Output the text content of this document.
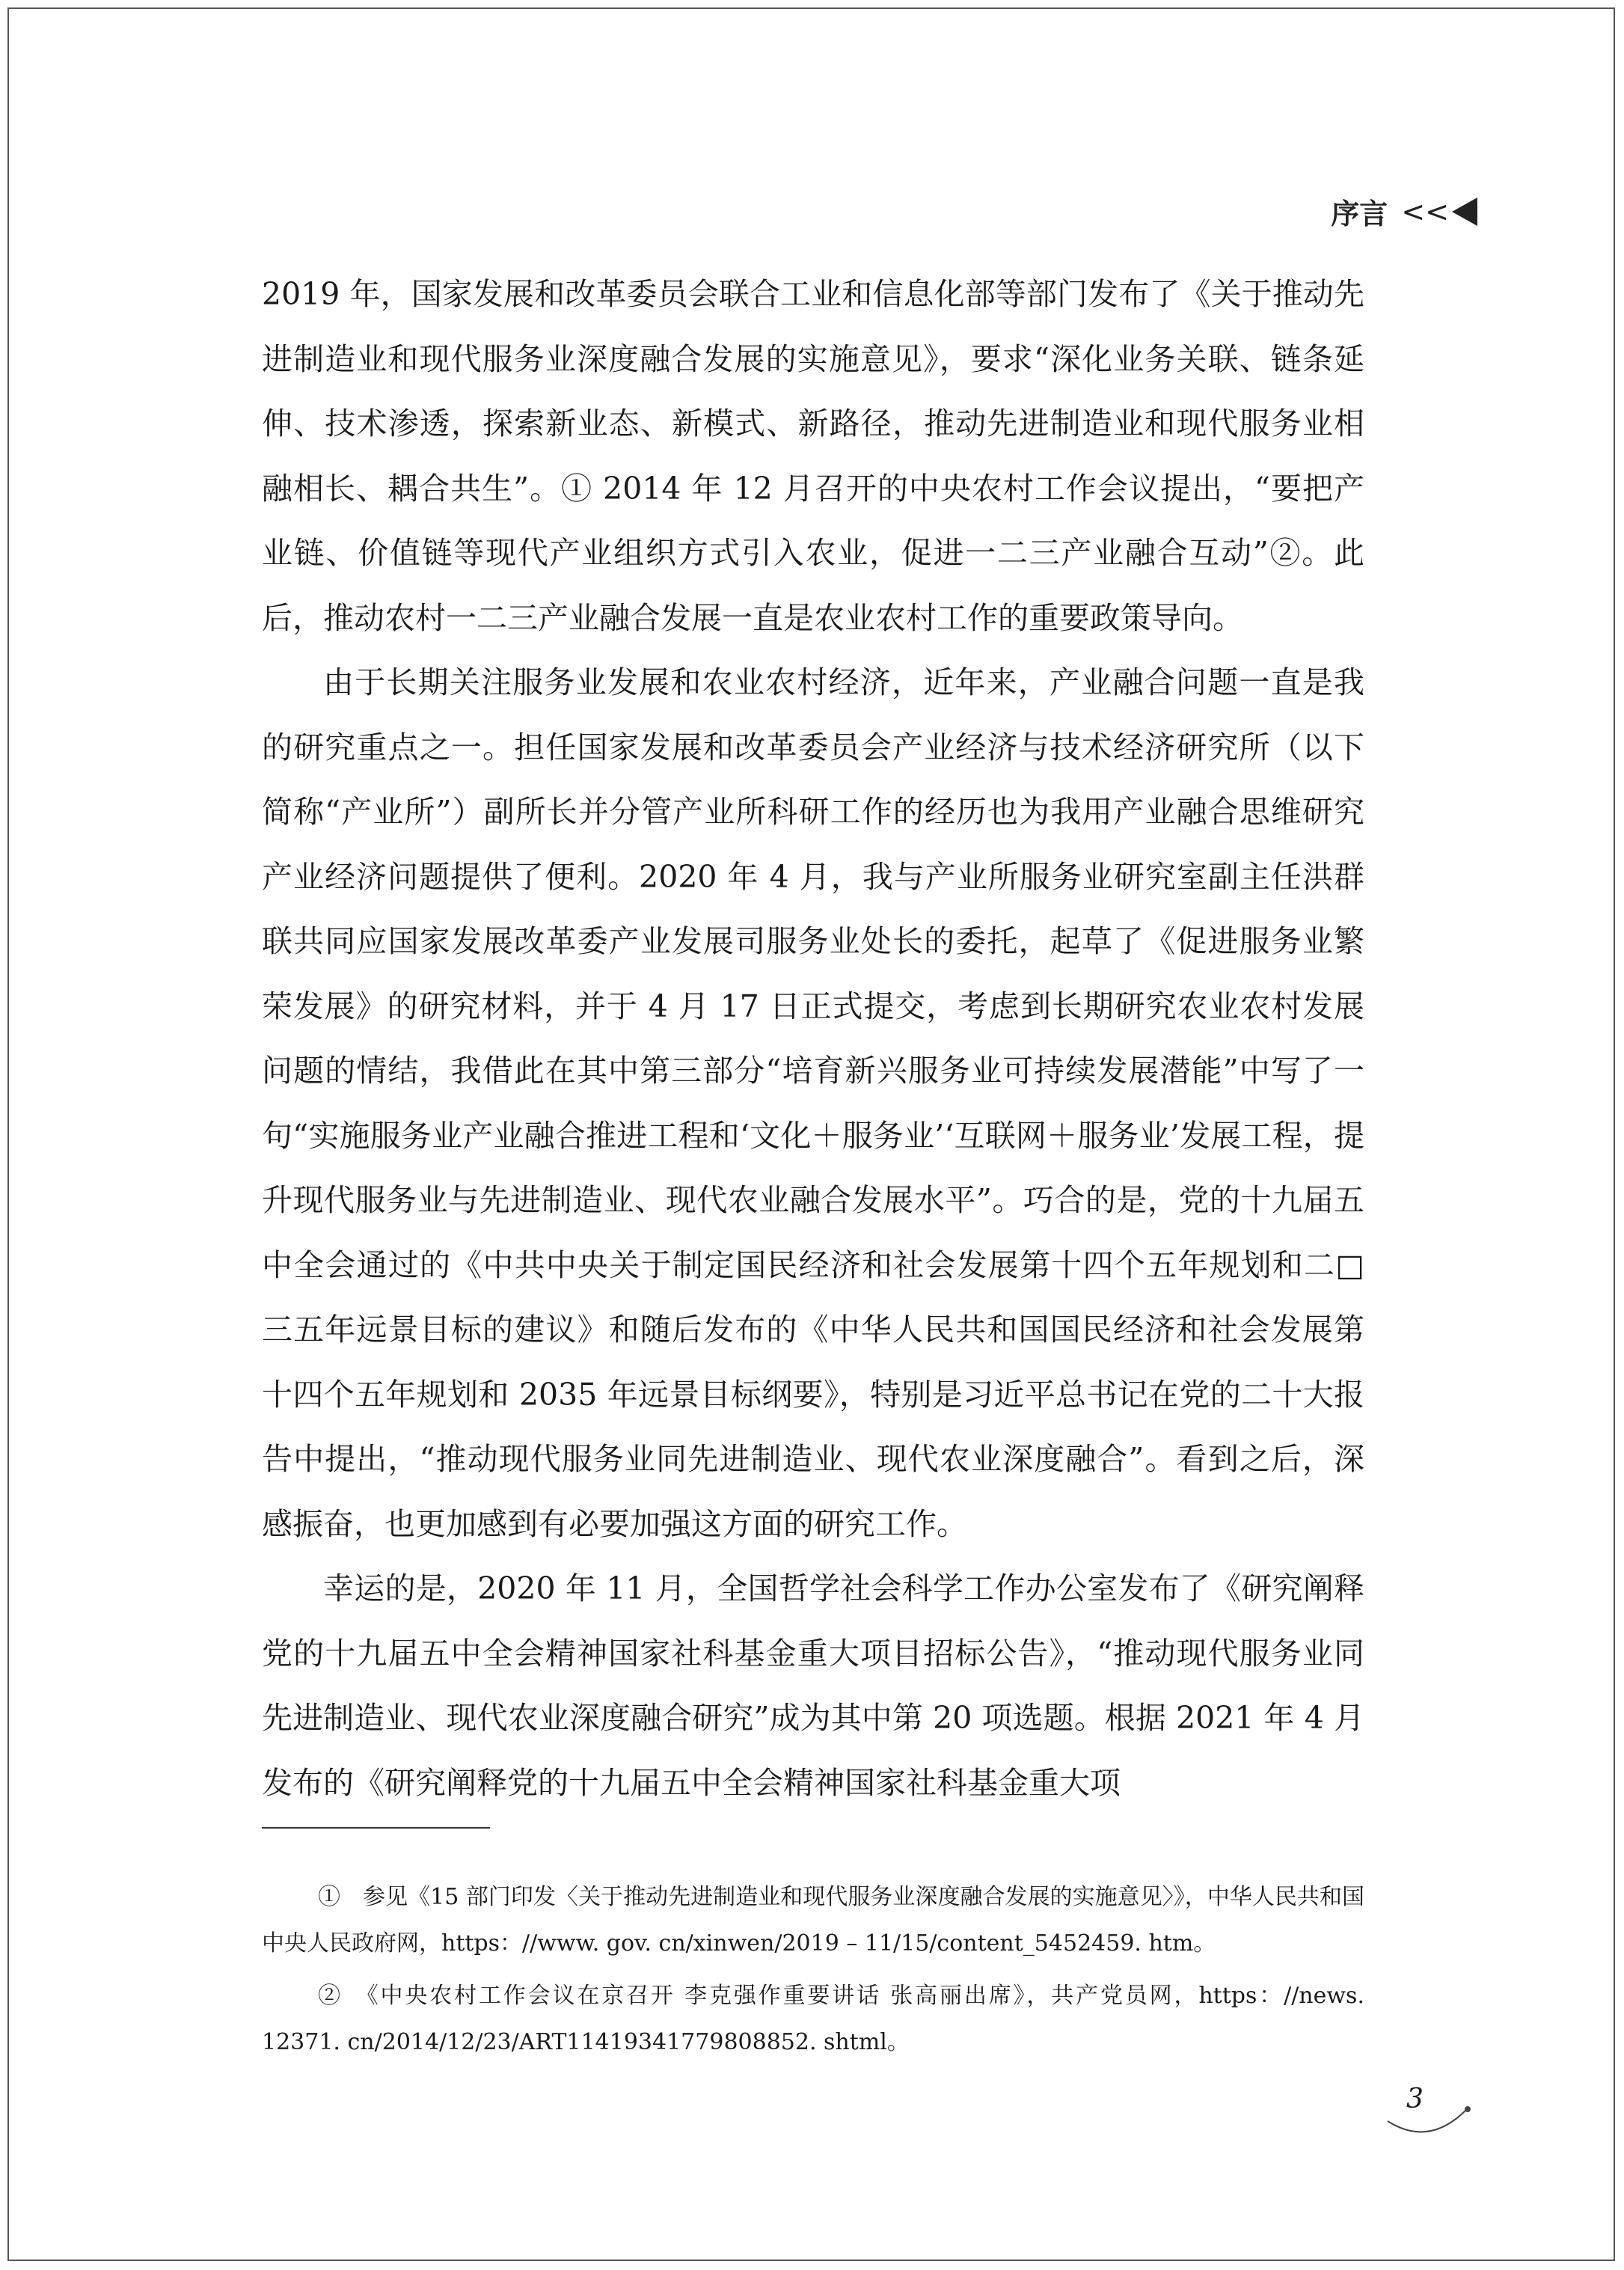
序言 <<

2019 年，国家发展和改革委员会联合工业和信息化部等部门发布了《关于推动先进制造业和现代服务业深度融合发展的实施意见》，要求“深化业务关联、链条延伸、技术渗透，探索新业态、新模式、新路径，推动先进制造业和现代服务业相融相长、耦合共生”。① 2014 年 12 月召开的中央农村工作会议提出，“要把产业链、价值链等现代产业组织方式引入农业，促进一二三产业融合互动”②。此后，推动农村一二三产业融合发展一直是农业农村工作的重要政策导向。

由于长期关注服务业发展和农业农村经济，近年来，产业融合问题一直是我的研究重点之一。担任国家发展和改革委员会产业经济与技术经济研究所（以下简称“产业所”）副所长并分管产业所科研工作的经历也为我用产业融合思维研究产业经济问题提供了便利。2020 年 4 月，我与产业所服务业研究室副主任洪群联共同应国家发展改革委产业发展司服务业处长的委托，起草了《促进服务业繁荣发展》的研究材料，并于 4 月 17 日正式提交，考虑到长期研究农业农村发展问题的情结，我借此在其中第三部分“培育新兴服务业可持续发展潜能”中写了一句“实施服务业产业融合推进工程和‘文化＋服务业’‘互联网＋服务业’发展工程，提升现代服务业与先进制造业、现代农业融合发展水平”。巧合的是，党的十九届五中全会通过的《中共中央关于制定国民经济和社会发展第十四个五年规划和二□ 三五年远景目标的建议》和随后发布的《中华人民共和国国民经济和社会发展第十四个五年规划和 2035 年远景目标纲要》，特别是习近平总书记在党的二十大报告中提出，“推动现代服务业同先进制造业、现代农业深度融合”。看到之后，深感振奋，也更加感到有必要加强这方面的研究工作。

幸运的是，2020 年 11 月，全国哲学社会科学工作办公室发布了《研究阐释党的十九届五中全会精神国家社科基金重大项目招标公告》，“推动现代服务业同先进制造业、现代农业深度融合研究”成为其中第 20 项选题。根据 2021 年 4 月发布的《研究阐释党的十九届五中全会精神国家社科基金重大项

①　参见《15 部门印发〈关于推动先进制造业和现代服务业深度融合发展的实施意见〉》，中华人民共和国中央人民政府网，https：//www. gov. cn/xinwen/2019 – 11/15/content_5452459. htm。

②　《中央农村工作会议在京召开 李克强作重要讲话 张高丽出席》，共产党员网，https：//news. 12371. cn/2014/12/23/ART11419341779808852. shtml。

3
